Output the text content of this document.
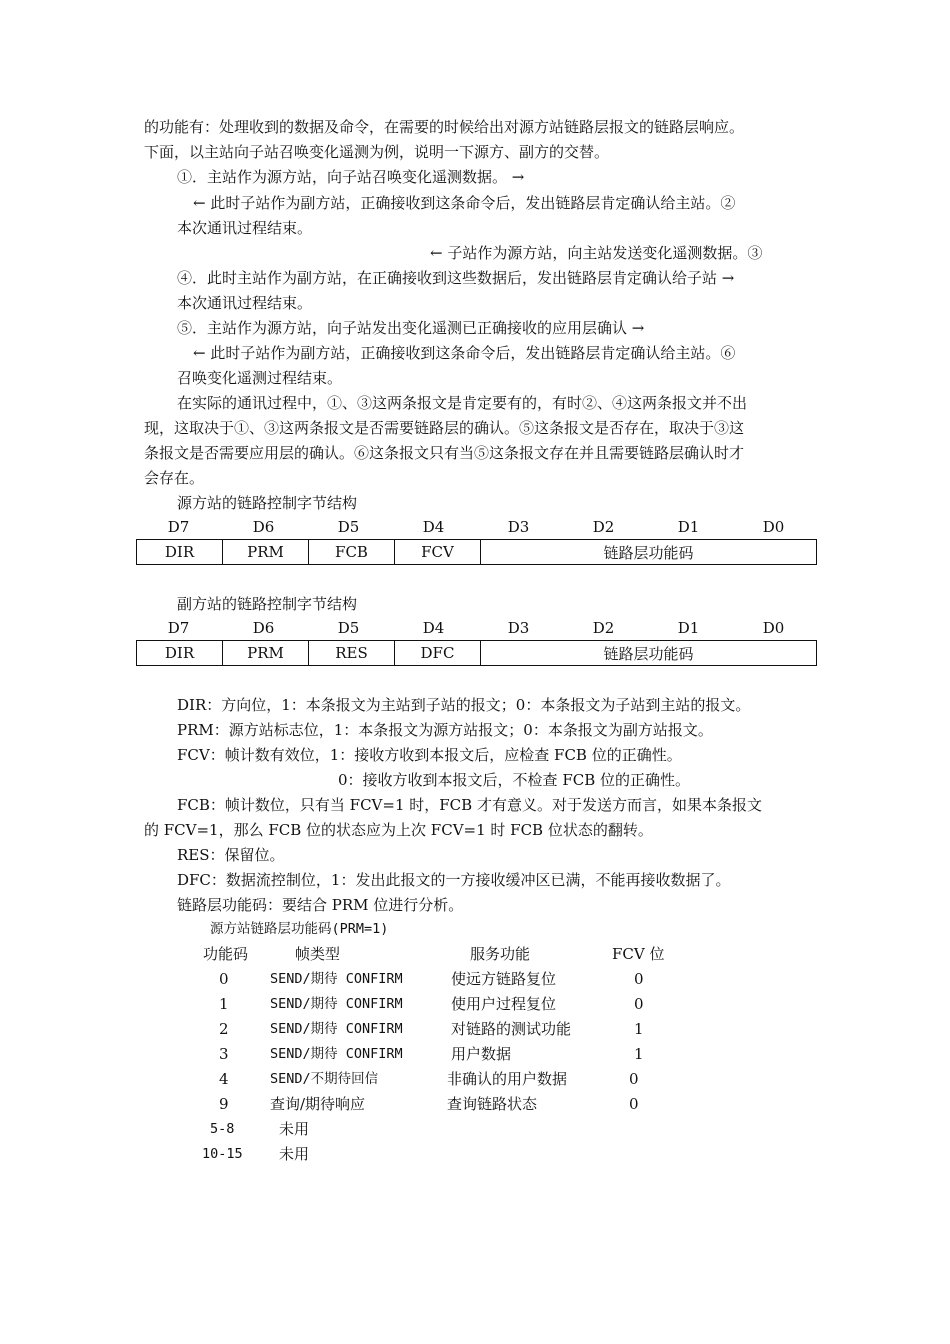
的功能有：处理收到的数据及命令，在需要的时候给出对源方站链路层报文的链路层响应。
下面，以主站向子站召唤变化遥测为例，说明一下源方、副方的交替。
①．主站作为源方站，向子站召唤变化遥测数据。 →
← 此时子站作为副方站，正确接收到这条命令后，发出链路层肯定确认给主站。②
本次通讯过程结束。
← 子站作为源方站，向主站发送变化遥测数据。③
④．此时主站作为副方站，在正确接收到这些数据后，发出链路层肯定确认给子站 →
本次通讯过程结束。
⑤．主站作为源方站，向子站发出变化遥测已正确接收的应用层确认 →
← 此时子站作为副方站，正确接收到这条命令后，发出链路层肯定确认给主站。⑥
召唤变化遥测过程结束。
在实际的通讯过程中，①、③这两条报文是肯定要有的，有时②、④这两条报文并不出
现，这取决于①、③这两条报文是否需要链路层的确认。⑤这条报文是否存在，取决于③这
条报文是否需要应用层的确认。⑥这条报文只有当⑤这条报文存在并且需要链路层确认时才
会存在。
源方站的链路控制字节结构
D7	D6	D5	D4	D3	D2	D1	D0
DIR	PRM	FCB	FCV	链路层功能码
副方站的链路控制字节结构
D7	D6	D5	D4	D3	D2	D1	D0
DIR	PRM	RES	DFC	链路层功能码
DIR：方向位，1：本条报文为主站到子站的报文；0：本条报文为子站到主站的报文。
PRM：源方站标志位，1：本条报文为源方站报文；0：本条报文为副方站报文。
FCV：帧计数有效位，1：接收方收到本报文后，应检查 FCB 位的正确性。
0：接收方收到本报文后，不检查 FCB 位的正确性。
FCB：帧计数位，只有当 FCV=1 时，FCB 才有意义。对于发送方而言，如果本条报文
的 FCV=1，那么 FCB 位的状态应为上次 FCV=1 时 FCB 位状态的翻转。
RES：保留位。
DFC：数据流控制位，1：发出此报文的一方接收缓冲区已满，不能再接收数据了。
链路层功能码：要结合 PRM 位进行分析。
源方站链路层功能码(PRM=1)
功能码	帧类型	服务功能	FCV 位
0	SEND/期待 CONFIRM	使远方链路复位	0
1	SEND/期待 CONFIRM	使用户过程复位	0
2	SEND/期待 CONFIRM	对链路的测试功能	1
3	SEND/期待 CONFIRM	用户数据	1
4	SEND/不期待回信	非确认的用户数据	0
9	查询/期待响应	查询链路状态	0
5-8	未用
10-15 未用
